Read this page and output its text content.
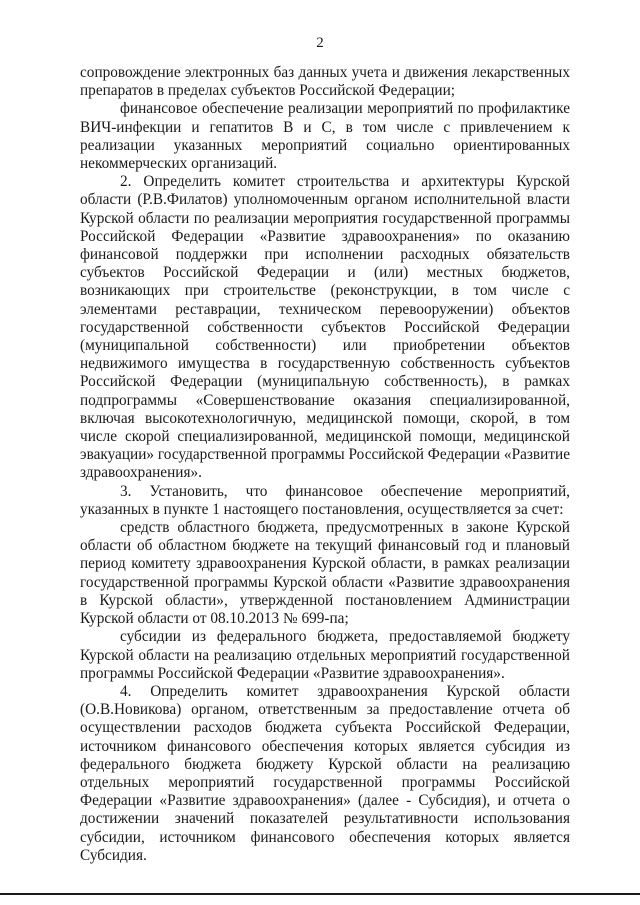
2

сопровождение электронных баз данных учета и движения лекарственных препаратов в пределах субъектов Российской Федерации;

финансовое обеспечение реализации мероприятий по профилактике ВИЧ-инфекции и гепатитов В и С, в том числе с привлечением к реализации указанных мероприятий социально ориентированных некоммерческих организаций.

2. Определить комитет строительства и архитектуры Курской области (Р.В.Филатов) уполномоченным органом исполнительной власти Курской области по реализации мероприятия государственной программы Российской Федерации «Развитие здравоохранения» по оказанию финансовой поддержки при исполнении расходных обязательств субъектов Российской Федерации и (или) местных бюджетов, возникающих при строительстве (реконструкции, в том числе с элементами реставрации, техническом перевооружении) объектов государственной собственности субъектов Российской Федерации (муниципальной собственности) или приобретении объектов недвижимого имущества в государственную собственность субъектов Российской Федерации (муниципальную собственность), в рамках подпрограммы «Совершенствование оказания специализированной, включая высокотехнологичную, медицинской помощи, скорой, в том числе скорой специализированной, медицинской помощи, медицинской эвакуации» государственной программы Российской Федерации «Развитие здравоохранения».

3. Установить, что финансовое обеспечение мероприятий, указанных в пункте 1 настоящего постановления, осуществляется за счет:

средств областного бюджета, предусмотренных в законе Курской области об областном бюджете на текущий финансовый год и плановый период комитету здравоохранения Курской области, в рамках реализации государственной программы Курской области «Развитие здравоохранения в Курской области», утвержденной постановлением Администрации Курской области от 08.10.2013 № 699-па;

субсидии из федерального бюджета, предоставляемой бюджету Курской области на реализацию отдельных мероприятий государственной программы Российской Федерации «Развитие здравоохранения».

4. Определить комитет здравоохранения Курской области (О.В.Новикова) органом, ответственным за предоставление отчета об осуществлении расходов бюджета субъекта Российской Федерации, источником финансового обеспечения которых является субсидия из федерального бюджета бюджету Курской области на реализацию отдельных мероприятий государственной программы Российской Федерации «Развитие здравоохранения» (далее - Субсидия), и отчета о достижении значений показателей результативности использования субсидии, источником финансового обеспечения которых является Субсидия.
